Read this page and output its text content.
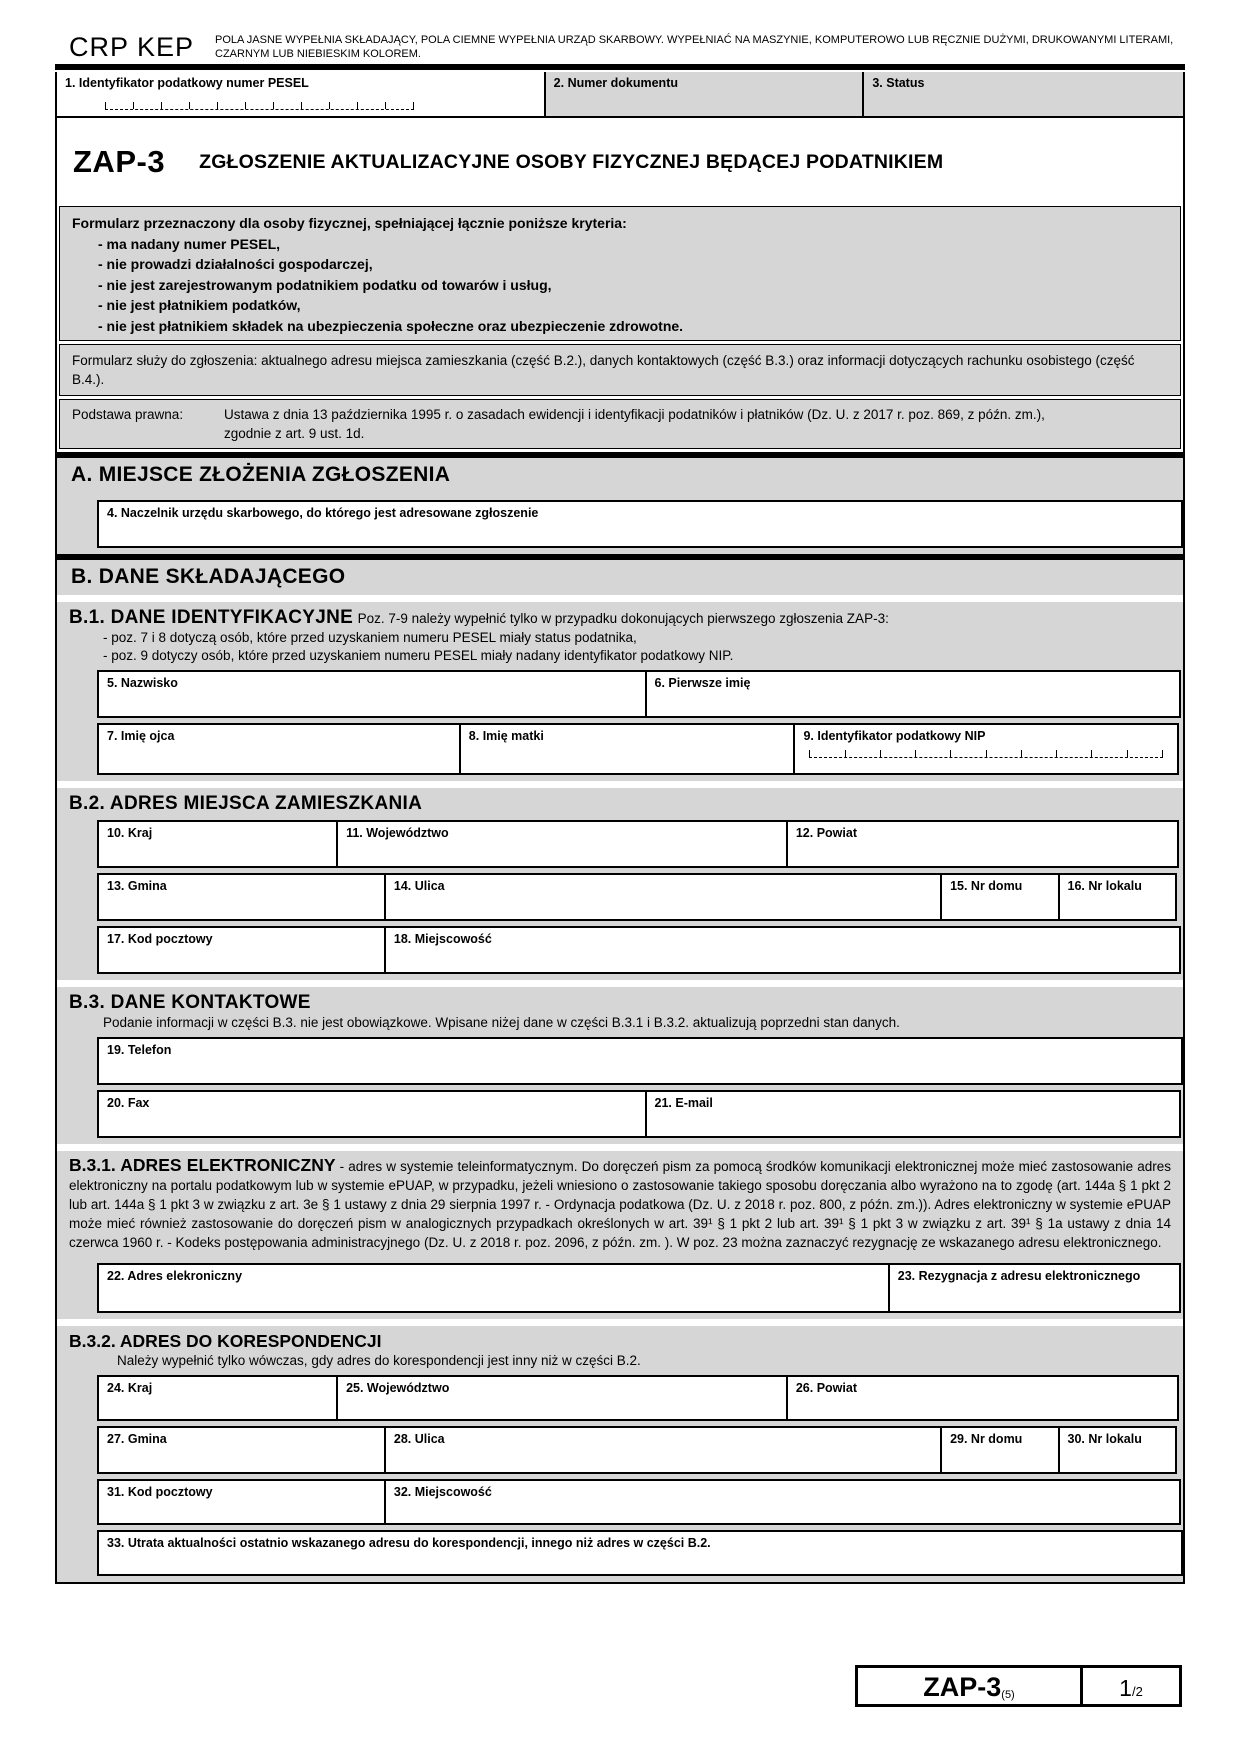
CRP KEP	POLA JASNE WYPEŁNIA SKŁADAJĄCY, POLA CIEMNE WYPEŁNIA URZĄD SKARBOWY. WYPEŁNIAĆ NA MASZYNIE, KOMPUTEROWO LUB RĘCZNIE DUŻYMI, DRUKOWANYMI LITERAMI, CZARNYM LUB NIEBIESKIM KOLOREM.
1. Identyfikator podatkowy numer PESEL	2. Numer dokumentu	3. Status
ZAP-3 ZGŁOSZENIE AKTUALIZACYJNE OSOBY FIZYCZNEJ BĘDĄCEJ PODATNIKIEM
Formularz przeznaczony dla osoby fizycznej, spełniającej łącznie poniższe kryteria:
- ma nadany numer PESEL,
- nie prowadzi działalności gospodarczej,
- nie jest zarejestrowanym podatnikiem podatku od towarów i usług,
- nie jest płatnikiem podatków,
- nie jest płatnikiem składek na ubezpieczenia społeczne oraz ubezpieczenie zdrowotne.
Formularz służy do zgłoszenia: aktualnego adresu miejsca zamieszkania (część B.2.), danych kontaktowych (część B.3.) oraz informacji dotyczących rachunku osobistego (część B.4.).
Podstawa prawna:	Ustawa z dnia 13 października 1995 r. o zasadach ewidencji i identyfikacji podatników i płatników (Dz. U. z 2017 r. poz. 869, z późn. zm.), zgodnie z art. 9 ust. 1d.
A. MIEJSCE ZŁOŻENIA ZGŁOSZENIA
4. Naczelnik urzędu skarbowego, do którego jest adresowane zgłoszenie
B. DANE SKŁADAJĄCEGO
B.1. DANE IDENTYFIKACYJNE Poz. 7-9 należy wypełnić tylko w przypadku dokonujących pierwszego zgłoszenia ZAP-3:
- poz. 7 i 8 dotyczą osób, które przed uzyskaniem numeru PESEL miały status podatnika,
- poz. 9 dotyczy osób, które przed uzyskaniem numeru PESEL miały nadany identyfikator podatkowy NIP.
5. Nazwisko	6. Pierwsze imię
7. Imię ojca	8. Imię matki	9. Identyfikator podatkowy NIP
B.2. ADRES MIEJSCA ZAMIESZKANIA
10. Kraj	11. Województwo	12. Powiat
13. Gmina	14. Ulica	15. Nr domu	16. Nr lokalu
17. Kod pocztowy	18. Miejscowość
B.3. DANE KONTAKTOWE
Podanie informacji w części B.3. nie jest obowiązkowe. Wpisane niżej dane w części B.3.1 i B.3.2. aktualizują poprzedni stan danych.
19. Telefon
20. Fax	21. E-mail
B.3.1. ADRES ELEKTRONICZNY - adres w systemie teleinformatycznym. Do doręczeń pism za pomocą środków komunikacji elektronicznej może mieć zastosowanie adres elektroniczny na portalu podatkowym lub w systemie ePUAP, w przypadku, jeżeli wniesiono o zastosowanie takiego sposobu doręczania albo wyrażono na to zgodę (art. 144a § 1 pkt 2 lub art. 144a § 1 pkt 3 w związku z art. 3e § 1 ustawy z dnia 29 sierpnia 1997 r. - Ordynacja podatkowa (Dz. U. z 2018 r. poz. 800, z późn. zm.)). Adres elektroniczny w systemie ePUAP może mieć również zastosowanie do doręczeń pism w analogicznych przypadkach określonych w art. 39¹ § 1 pkt 2 lub art. 39¹ § 1 pkt 3 w związku z art. 39¹ § 1a ustawy z dnia 14 czerwca 1960 r. - Kodeks postępowania administracyjnego (Dz. U. z 2018 r. poz. 2096, z późn. zm. ). W poz. 23 można zaznaczyć rezygnację ze wskazanego adresu elektronicznego.
22. Adres elekroniczny	23. Rezygnacja z adresu elektronicznego
B.3.2. ADRES DO KORESPONDENCJI
Należy wypełnić tylko wówczas, gdy adres do korespondencji jest inny niż w części B.2.
24. Kraj	25. Województwo	26. Powiat
27. Gmina	28. Ulica	29. Nr domu	30. Nr lokalu
31. Kod pocztowy	32. Miejscowość
33. Utrata aktualności ostatnio wskazanego adresu do korespondencji, innego niż adres w części B.2.
ZAP-3 (5)	1 /2
